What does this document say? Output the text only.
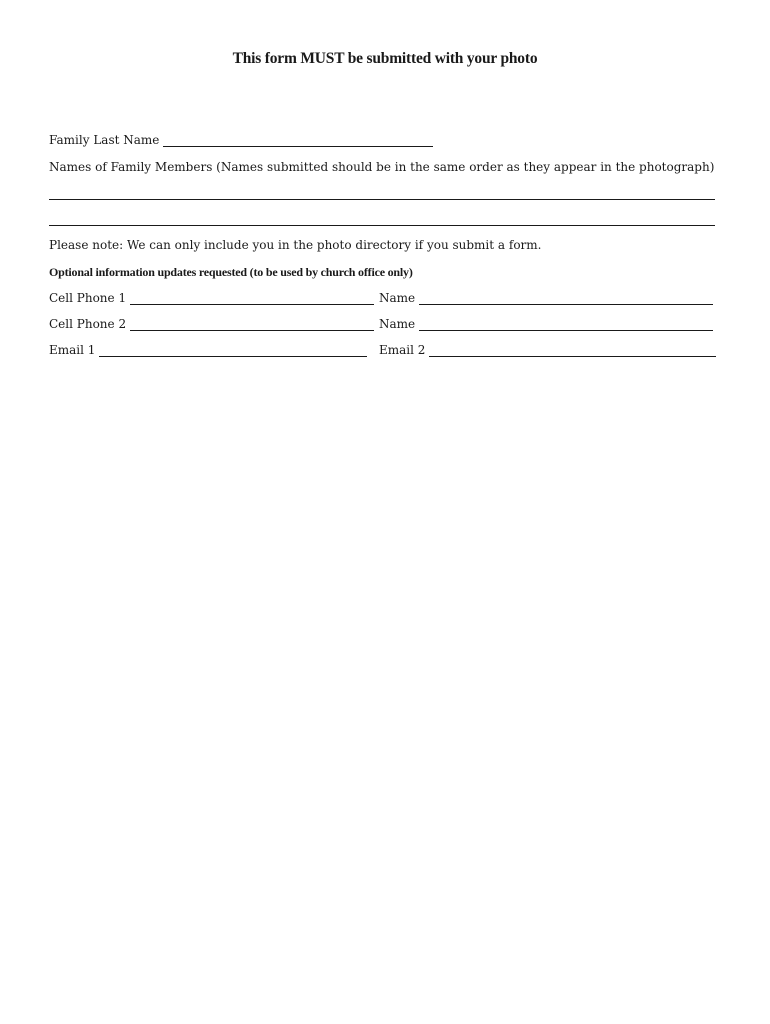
This form MUST be submitted with your photo
Family Last Name
Names of Family Members (Names submitted should be in the same order as they appear in the photograph)
Please note: We can only include you in the photo directory if you submit a form.
Optional information updates requested (to be used by church office only)
Cell Phone 1	Name
Cell Phone 2	Name
Email 1	Email 2
